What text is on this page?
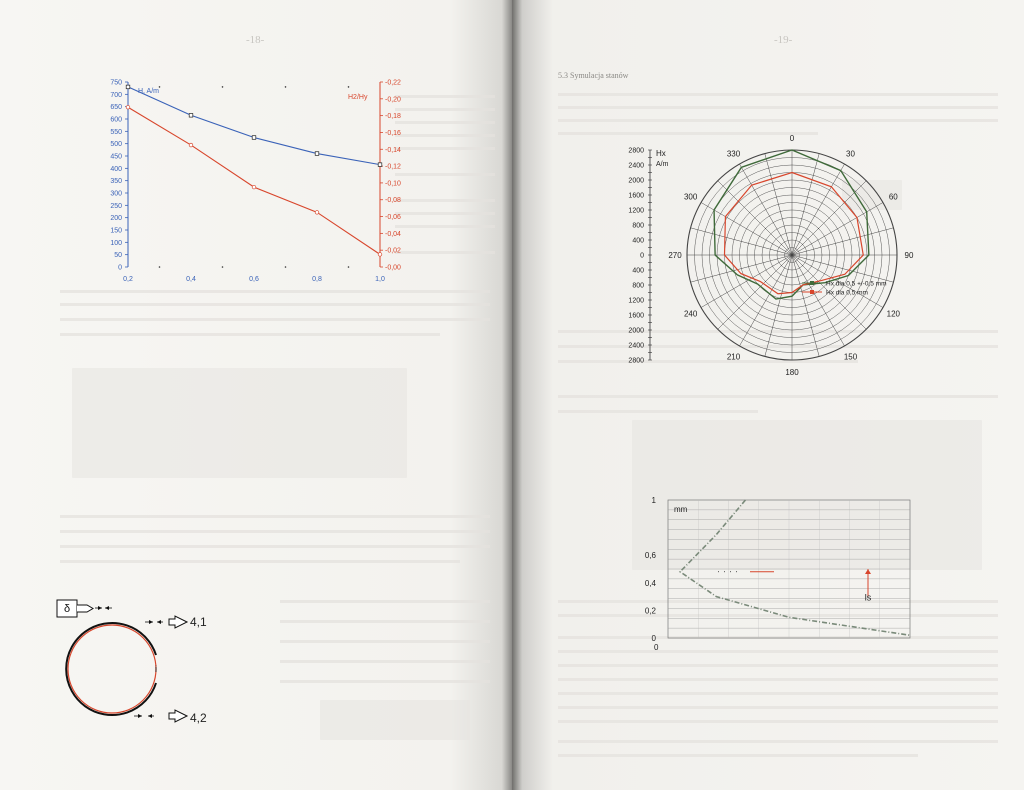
-18-
0
50
100
150
200
250
300
350
400
450
500
550
600
650
700
750
-0,00
-0,02
-0,04
-0,06
-0,08
-0,10
-0,12
-0,14
-0,16
-0,18
-0,20
-0,22
0,2	0,4	0,6	0,8	1,0
H, A/m
H2/Hy
δ
i
4,1
4,2
-19-
5.3 Symulacja stanów
0
30
60
90
120
150
180
210
240
270
300
330
2800
2400
2000
1600
1200
800
400
0
400
800
1200
1600
2000
2400
2800
Hx
A/m
Hx dla 0,5 +/-0,5 mm
Hx dla 0,5 mm
0
0,2
0,4
0,6
1
0
mm
ls
